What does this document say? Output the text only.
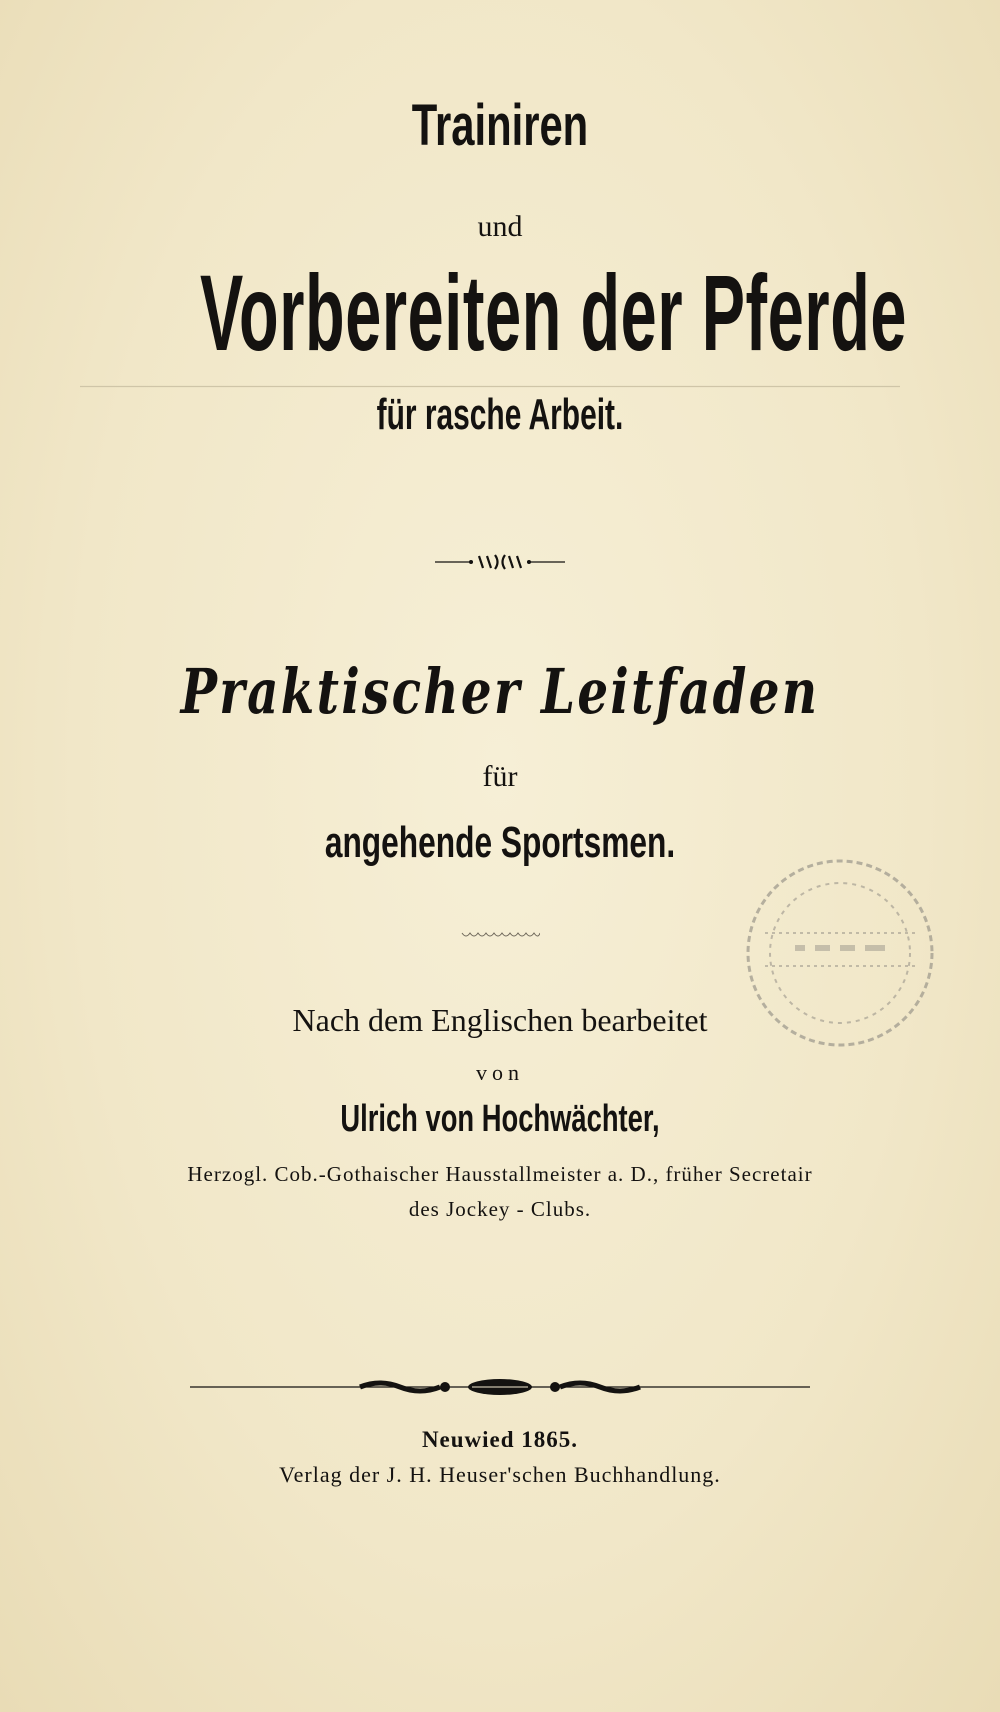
Trainiren
und
Vorbereiten der Pferde
für rasche Arbeit.
Praktischer Leitfaden
für
angehende Sportsmen.
Nach dem Englischen bearbeitet
von
Ulrich von Hochwächter,
Herzogl. Cob.-Gothaischer Hausstallmeister a. D., früher Secretair
des Jockey - Clubs.
Neuwied 1865.
Verlag der J. H. Heuser'schen Buchhandlung.
